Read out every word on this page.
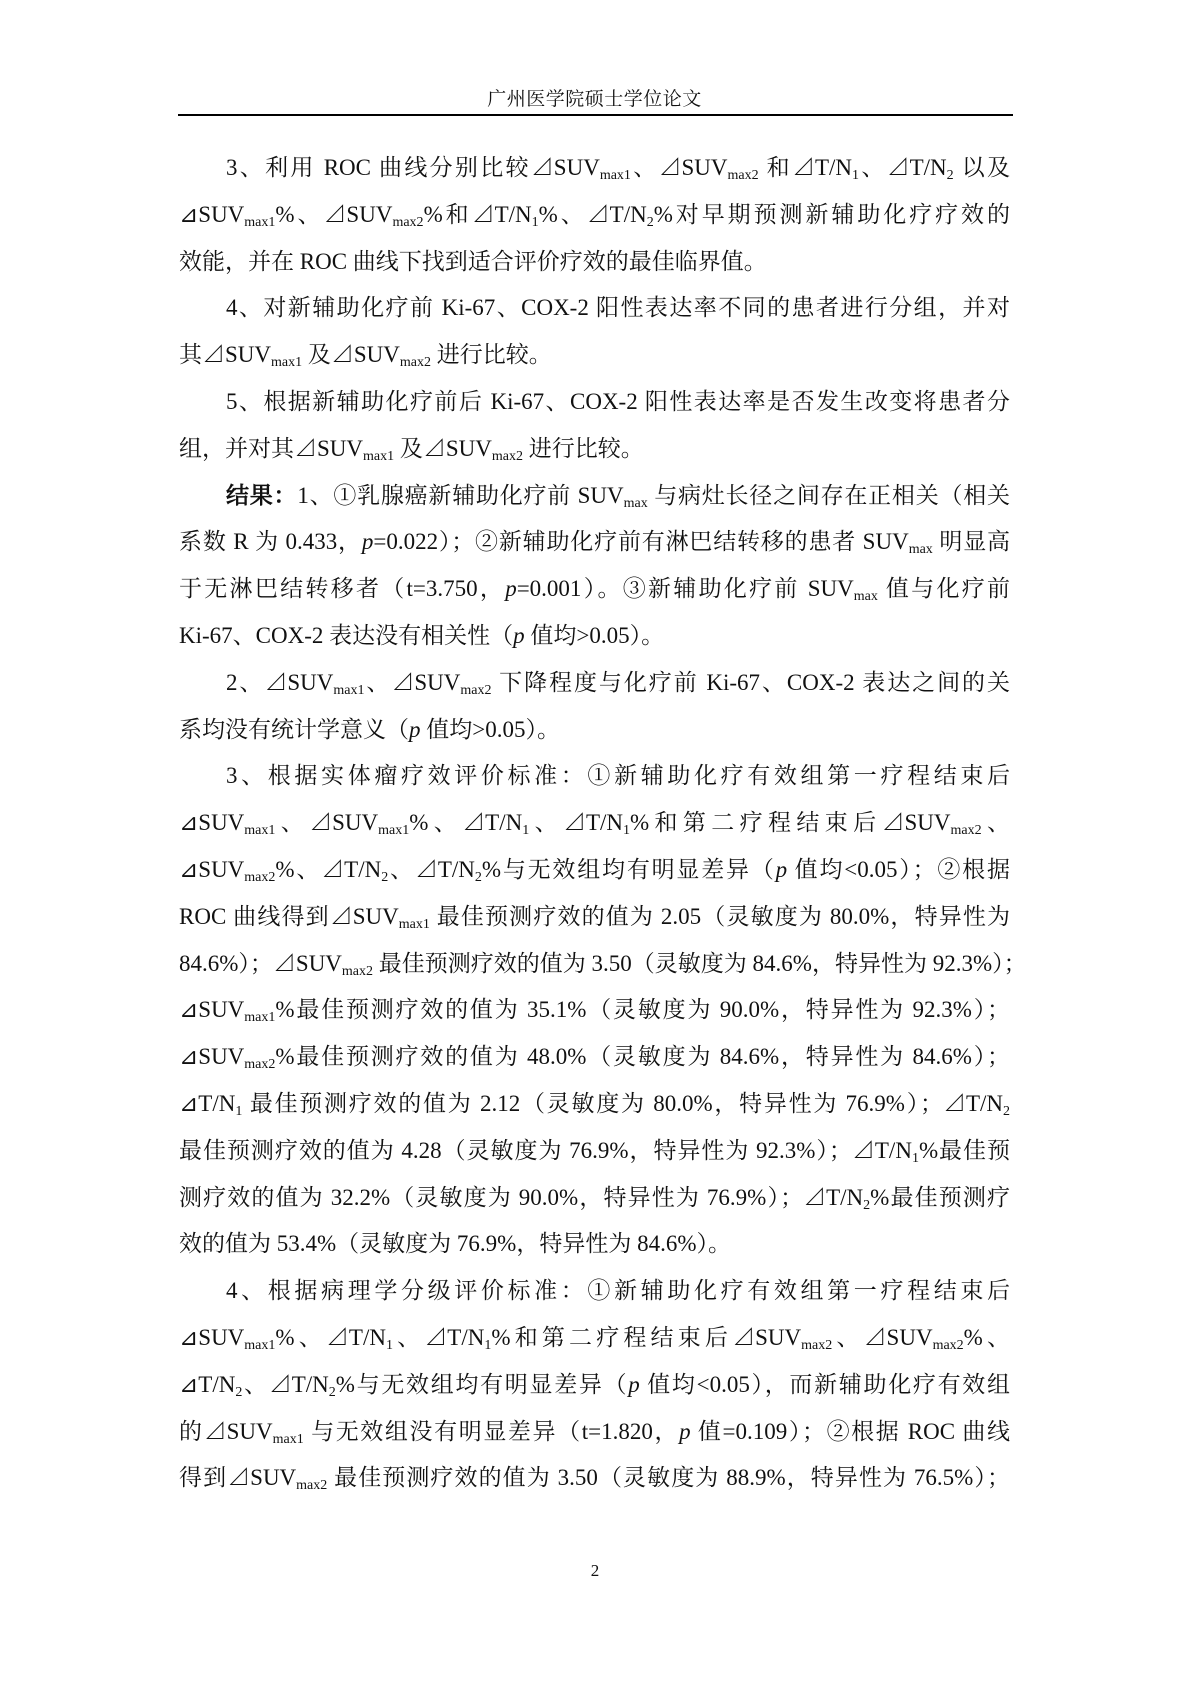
广州医学院硕士学位论文
3、利用 ROC 曲线分别比较$⊿SUV_{max1}$、$⊿SUV_{max2}$ 和$⊿T/N_1$、$⊿T/N_2$ 以及
$⊿SUV_{max1}\%$、$⊿SUV_{max2}\%$和$⊿T/N_1\%$、$⊿T/N_2\%$对早期预测新辅助化疗疗效的
效能，并在 ROC 曲线下找到适合评价疗效的最佳临界值。
4、对新辅助化疗前 Ki-67、COX-2 阳性表达率不同的患者进行分组，并对
其$⊿SUV_{max1}$ 及$⊿SUV_{max2}$ 进行比较。
5、根据新辅助化疗前后 Ki-67、COX-2 阳性表达率是否发生改变将患者分
组，并对其$⊿SUV_{max1}$ 及$⊿SUV_{max2}$ 进行比较。
结果：1、①乳腺癌新辅助化疗前 $SUV_{max}$ 与病灶长径之间存在正相关（相关
系数 R 为 0.433，p=0.022）；②新辅助化疗前有淋巴结转移的患者 $SUV_{max}$ 明显高
于无淋巴结转移者（t=3.750，p=0.001）。③新辅助化疗前 $SUV_{max}$ 值与化疗前
Ki-67、COX-2 表达没有相关性（p 值均>0.05）。
2、$⊿SUV_{max1}$、$⊿SUV_{max2}$ 下降程度与化疗前 Ki-67、COX-2 表达之间的关
系均没有统计学意义（p 值均>0.05）。
3、根据实体瘤疗效评价标准：①新辅助化疗有效组第一疗程结束后
$⊿SUV_{max1}$、$⊿SUV_{max1}\%$、$⊿T/N_1$、$⊿T/N_1\%$和第二疗程结束后$⊿SUV_{max2}$、
$⊿SUV_{max2}\%$、$⊿T/N_2$、$⊿T/N_2\%$与无效组均有明显差异（p 值均<0.05）；②根据
ROC 曲线得到$⊿SUV_{max1}$ 最佳预测疗效的值为 2.05（灵敏度为 80.0%，特异性为
84.6%）；$⊿SUV_{max2}$ 最佳预测疗效的值为 3.50（灵敏度为 84.6%，特异性为 92.3%）；
$⊿SUV_{max1}\%$最佳预测疗效的值为 35.1%（灵敏度为 90.0%，特异性为 92.3%）；
$⊿SUV_{max2}\%$最佳预测疗效的值为 48.0%（灵敏度为 84.6%，特异性为 84.6%）；
$⊿T/N_1$ 最佳预测疗效的值为 2.12（灵敏度为 80.0%，特异性为 76.9%）；$⊿T/N_2$
最佳预测疗效的值为 4.28（灵敏度为 76.9%，特异性为 92.3%）；$⊿T/N_1\%$最佳预
测疗效的值为 32.2%（灵敏度为 90.0%，特异性为 76.9%）；$⊿T/N_2\%$最佳预测疗
效的值为 53.4%（灵敏度为 76.9%，特异性为 84.6%）。
4、根据病理学分级评价标准：①新辅助化疗有效组第一疗程结束后
$⊿SUV_{max1}\%$、$⊿T/N_1$、$⊿T/N_1\%$和第二疗程结束后$⊿SUV_{max2}$、$⊿SUV_{max2}\%$、
$⊿T/N_2$、$⊿T/N_2\%$与无效组均有明显差异（p 值均<0.05），而新辅助化疗有效组
的$⊿SUV_{max1}$ 与无效组没有明显差异（t=1.820，p 值=0.109）；②根据 ROC 曲线
得到$⊿SUV_{max2}$ 最佳预测疗效的值为 3.50（灵敏度为 88.9%，特异性为 76.5%）；
2
